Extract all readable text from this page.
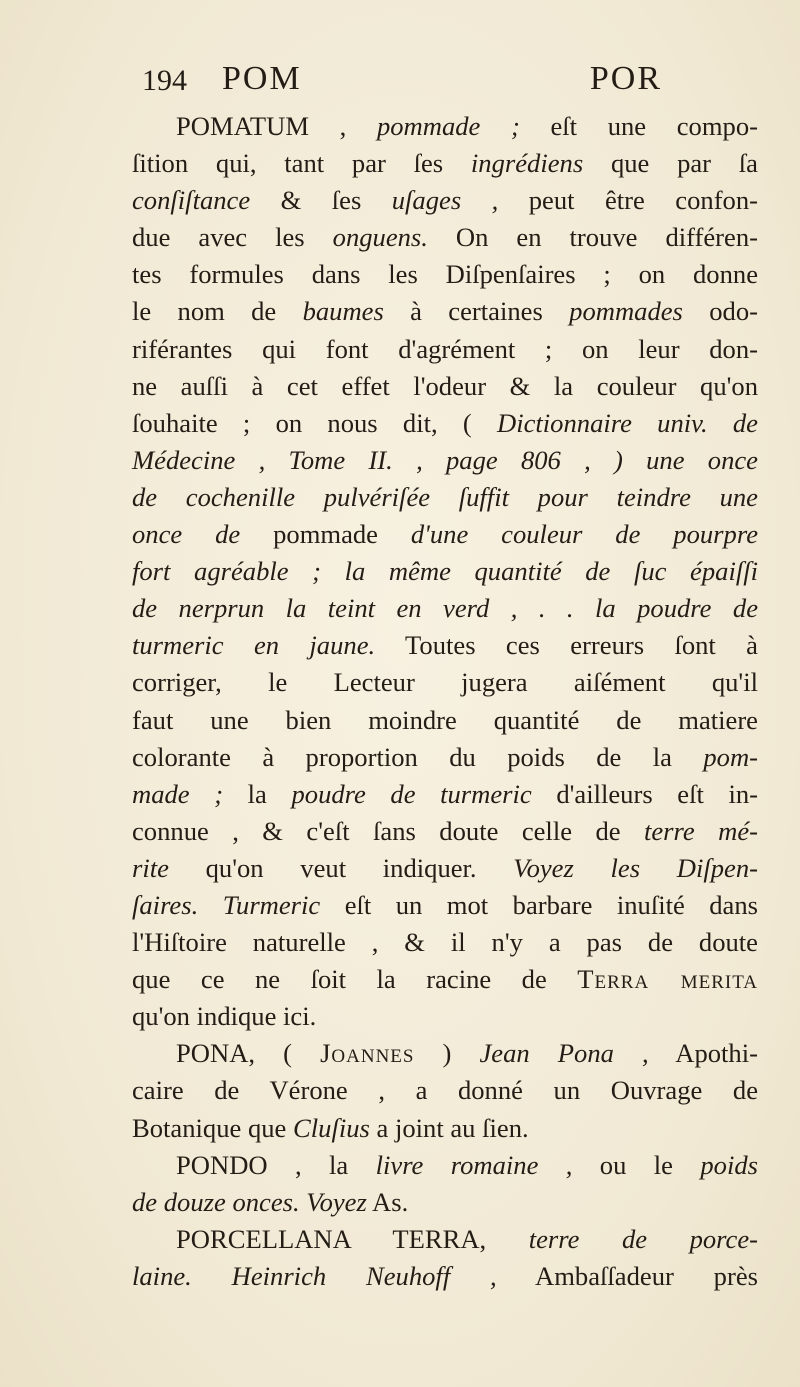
194 POM	POR
POMATUM , pommade ; eſt une compo-
ſition qui, tant par ſes ingrédiens que par ſa
conſiſtance & ſes uſages , peut être confon-
due avec les onguens. On en trouve différen-
tes formules dans les Diſpenſaires ; on donne
le nom de baumes à certaines pommades odo-
riférantes qui font d'agrément ; on leur don-
ne auſſi à cet effet l'odeur & la couleur qu'on
ſouhaite ; on nous dit, ( Dictionnaire univ. de
Médecine , Tome II. , page 806 , ) une once
de cochenille pulvériſée ſuffit pour teindre une
once de pommade d'une couleur de pourpre
fort agréable ; la même quantité de ſuc épaiſſi
de nerprun la teint en verd , . . la poudre de
turmeric en jaune. Toutes ces erreurs ſont à
corriger, le Lecteur jugera aiſément qu'il
faut une bien moindre quantité de matiere
colorante à proportion du poids de la pom-
made ; la poudre de turmeric d'ailleurs eſt in-
connue , & c'eſt ſans doute celle de terre mé-
rite qu'on veut indiquer. Voyez les Diſpen-
ſaires. Turmeric eſt un mot barbare inuſité dans
l'Hiſtoire naturelle , & il n'y a pas de doute
que ce ne ſoit la racine de Terra merita
qu'on indique ici.
PONA, ( Joannes ) Jean Pona , Apothi-
caire de Vérone , a donné un Ouvrage de
Botanique que Cluſius a joint au ſien.
PONDO , la livre romaine , ou le poids
de douze onces. Voyez As.
PORCELLANA TERRA, terre de porce-
laine. Heinrich Neuhoff , Ambaſſadeur près
